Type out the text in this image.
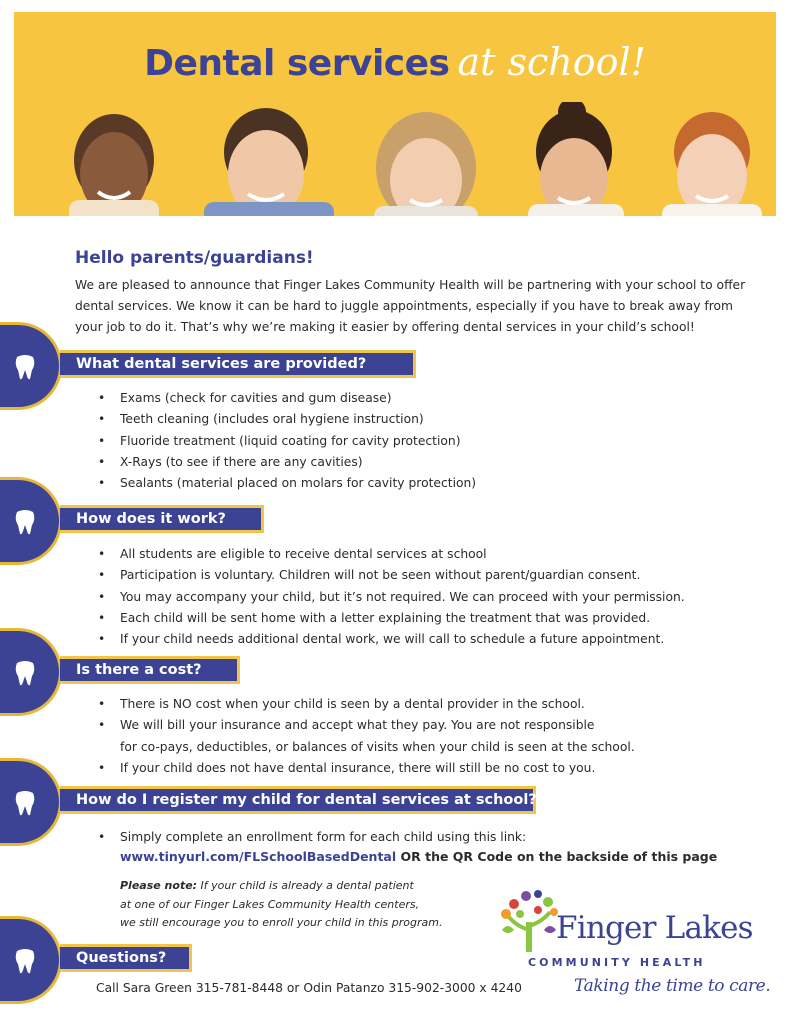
Dental services at school!
Hello parents/guardians!
We are pleased to announce that Finger Lakes Community Health will be partnering with your school to offer
dental services. We know it can be hard to juggle appointments, especially if you have to break away from
your job to do it. That’s why we’re making it easier by offering dental services in your child’s school!
What dental services are provided?
• Exams (check for cavities and gum disease)
• Teeth cleaning (includes oral hygiene instruction)
• Fluoride treatment (liquid coating for cavity protection)
• X-Rays (to see if there are any cavities)
• Sealants (material placed on molars for cavity protection)
How does it work?
• All students are eligible to receive dental services at school
• Participation is voluntary. Children will not be seen without parent/guardian consent.
• You may accompany your child, but it’s not required. We can proceed with your permission.
• Each child will be sent home with a letter explaining the treatment that was provided.
• If your child needs additional dental work, we will call to schedule a future appointment.
Is there a cost?
• There is NO cost when your child is seen by a dental provider in the school.
• We will bill your insurance and accept what they pay. You are not responsible
for co-pays, deductibles, or balances of visits when your child is seen at the school.
• If your child does not have dental insurance, there will still be no cost to you.
How do I register my child for dental services at school?
• Simply complete an enrollment form for each child using this link:
www.tinyurl.com/FLSchoolBasedDental OR the QR Code on the backside of this page
Please note: If your child is already a dental patient
at one of our Finger Lakes Community Health centers,
we still encourage you to enroll your child in this program.
Questions?
Call Sara Green 315-781-8448 or Odin Patanzo 315-902-3000 x 4240
Finger Lakes
COMMUNITY HEALTH
Taking the time to care.
